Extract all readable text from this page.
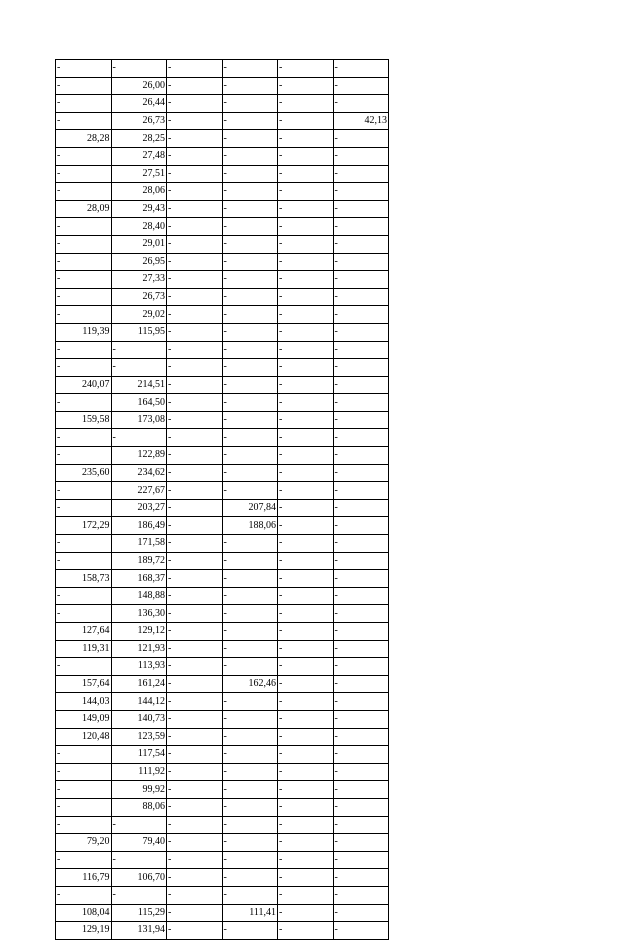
-	-	-	-	-	-
-	26,00	-	-	-	-
-	26,44	-	-	-	-
-	26,73	-	-	-	42,13
28,28	28,25	-	-	-	-
-	27,48	-	-	-	-
-	27,51	-	-	-	-
-	28,06	-	-	-	-
28,09	29,43	-	-	-	-
-	28,40	-	-	-	-
-	29,01	-	-	-	-
-	26,95	-	-	-	-
-	27,33	-	-	-	-
-	26,73	-	-	-	-
-	29,02	-	-	-	-
119,39	115,95	-	-	-	-
-	-	-	-	-	-
-	-	-	-	-	-
240,07	214,51	-	-	-	-
-	164,50	-	-	-	-
159,58	173,08	-	-	-	-
-	-	-	-	-	-
-	122,89	-	-	-	-
235,60	234,62	-	-	-	-
-	227,67	-	-	-	-
-	203,27	-	207,84	-	-
172,29	186,49	-	188,06	-	-
-	171,58	-	-	-	-
-	189,72	-	-	-	-
158,73	168,37	-	-	-	-
-	148,88	-	-	-	-
-	136,30	-	-	-	-
127,64	129,12	-	-	-	-
119,31	121,93	-	-	-	-
-	113,93	-	-	-	-
157,64	161,24	-	162,46	-	-
144,03	144,12	-	-	-	-
149,09	140,73	-	-	-	-
120,48	123,59	-	-	-	-
-	117,54	-	-	-	-
-	111,92	-	-	-	-
-	99,92	-	-	-	-
-	88,06	-	-	-	-
-	-	-	-	-	-
79,20	79,40	-	-	-	-
-	-	-	-	-	-
116,79	106,70	-	-	-	-
-	-	-	-	-	-
108,04	115,29	-	111,41	-	-
129,19	131,94	-	-	-	-
